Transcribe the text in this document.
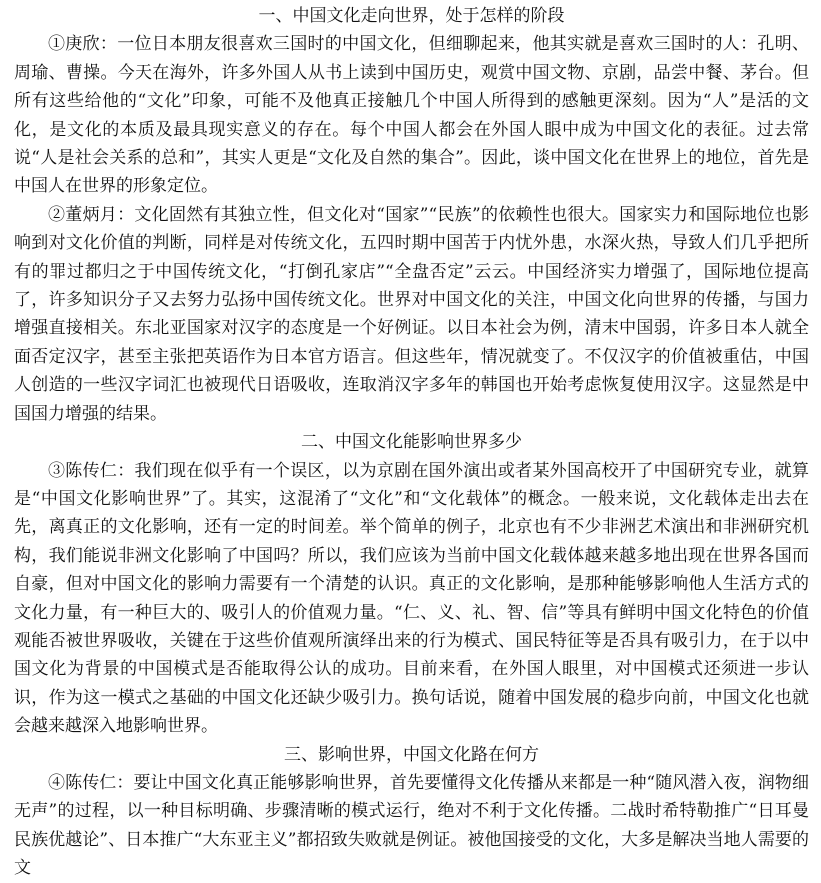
一、中国文化走向世界，处于怎样的阶段

①庚欣：一位日本朋友很喜欢三国时的中国文化，但细聊起来，他其实就是喜欢三国时的人：孔明、周瑜、曹操。今天在海外，许多外国人从书上读到中国历史，观赏中国文物、京剧，品尝中餐、茅台。但所有这些给他的“文化”印象，可能不及他真正接触几个中国人所得到的感触更深刻。因为“人”是活的文化，是文化的本质及最具现实意义的存在。每个中国人都会在外国人眼中成为中国文化的表征。过去常说“人是社会关系的总和”，其实人更是“文化及自然的集合”。因此，谈中国文化在世界上的地位，首先是中国人在世界的形象定位。

②董炳月：文化固然有其独立性，但文化对“国家”“民族”的依赖性也很大。国家实力和国际地位也影响到对文化价值的判断，同样是对传统文化，五四时期中国苦于内忧外患，水深火热，导致人们几乎把所有的罪过都归之于中国传统文化，“打倒孔家店”“全盘否定”云云。中国经济实力增强了，国际地位提高了，许多知识分子又去努力弘扬中国传统文化。世界对中国文化的关注，中国文化向世界的传播，与国力增强直接相关。东北亚国家对汉字的态度是一个好例证。以日本社会为例，清末中国弱，许多日本人就全面否定汉字，甚至主张把英语作为日本官方语言。但这些年，情况就变了。不仅汉字的价值被重估，中国人创造的一些汉字词汇也被现代日语吸收，连取消汉字多年的韩国也开始考虑恢复使用汉字。这显然是中国国力增强的结果。

二、中国文化能影响世界多少

③陈传仁：我们现在似乎有一个误区，以为京剧在国外演出或者某外国高校开了中国研究专业，就算是“中国文化影响世界”了。其实，这混淆了“文化”和“文化载体”的概念。一般来说，文化载体走出去在先，离真正的文化影响，还有一定的时间差。举个简单的例子，北京也有不少非洲艺术演出和非洲研究机构，我们能说非洲文化影响了中国吗？所以，我们应该为当前中国文化载体越来越多地出现在世界各国而自豪，但对中国文化的影响力需要有一个清楚的认识。真正的文化影响，是那种能够影响他人生活方式的文化力量，有一种巨大的、吸引人的价值观力量。“仁、义、礼、智、信”等具有鲜明中国文化特色的价值观能否被世界吸收，关键在于这些价值观所演绎出来的行为模式、国民特征等是否具有吸引力，在于以中国文化为背景的中国模式是否能取得公认的成功。目前来看，在外国人眼里，对中国模式还须进一步认识，作为这一模式之基础的中国文化还缺少吸引力。换句话说，随着中国发展的稳步向前，中国文化也就会越来越深入地影响世界。

三、影响世界，中国文化路在何方

④陈传仁：要让中国文化真正能够影响世界，首先要懂得文化传播从来都是一种“随风潜入夜，润物细无声”的过程，以一种目标明确、步骤清晰的模式运行，绝对不利于文化传播。二战时希特勒推广“日耳曼民族优越论”、日本推广“大东亚主义”都招致失败就是例证。被他国接受的文化，大多是解决当地人需要的文
